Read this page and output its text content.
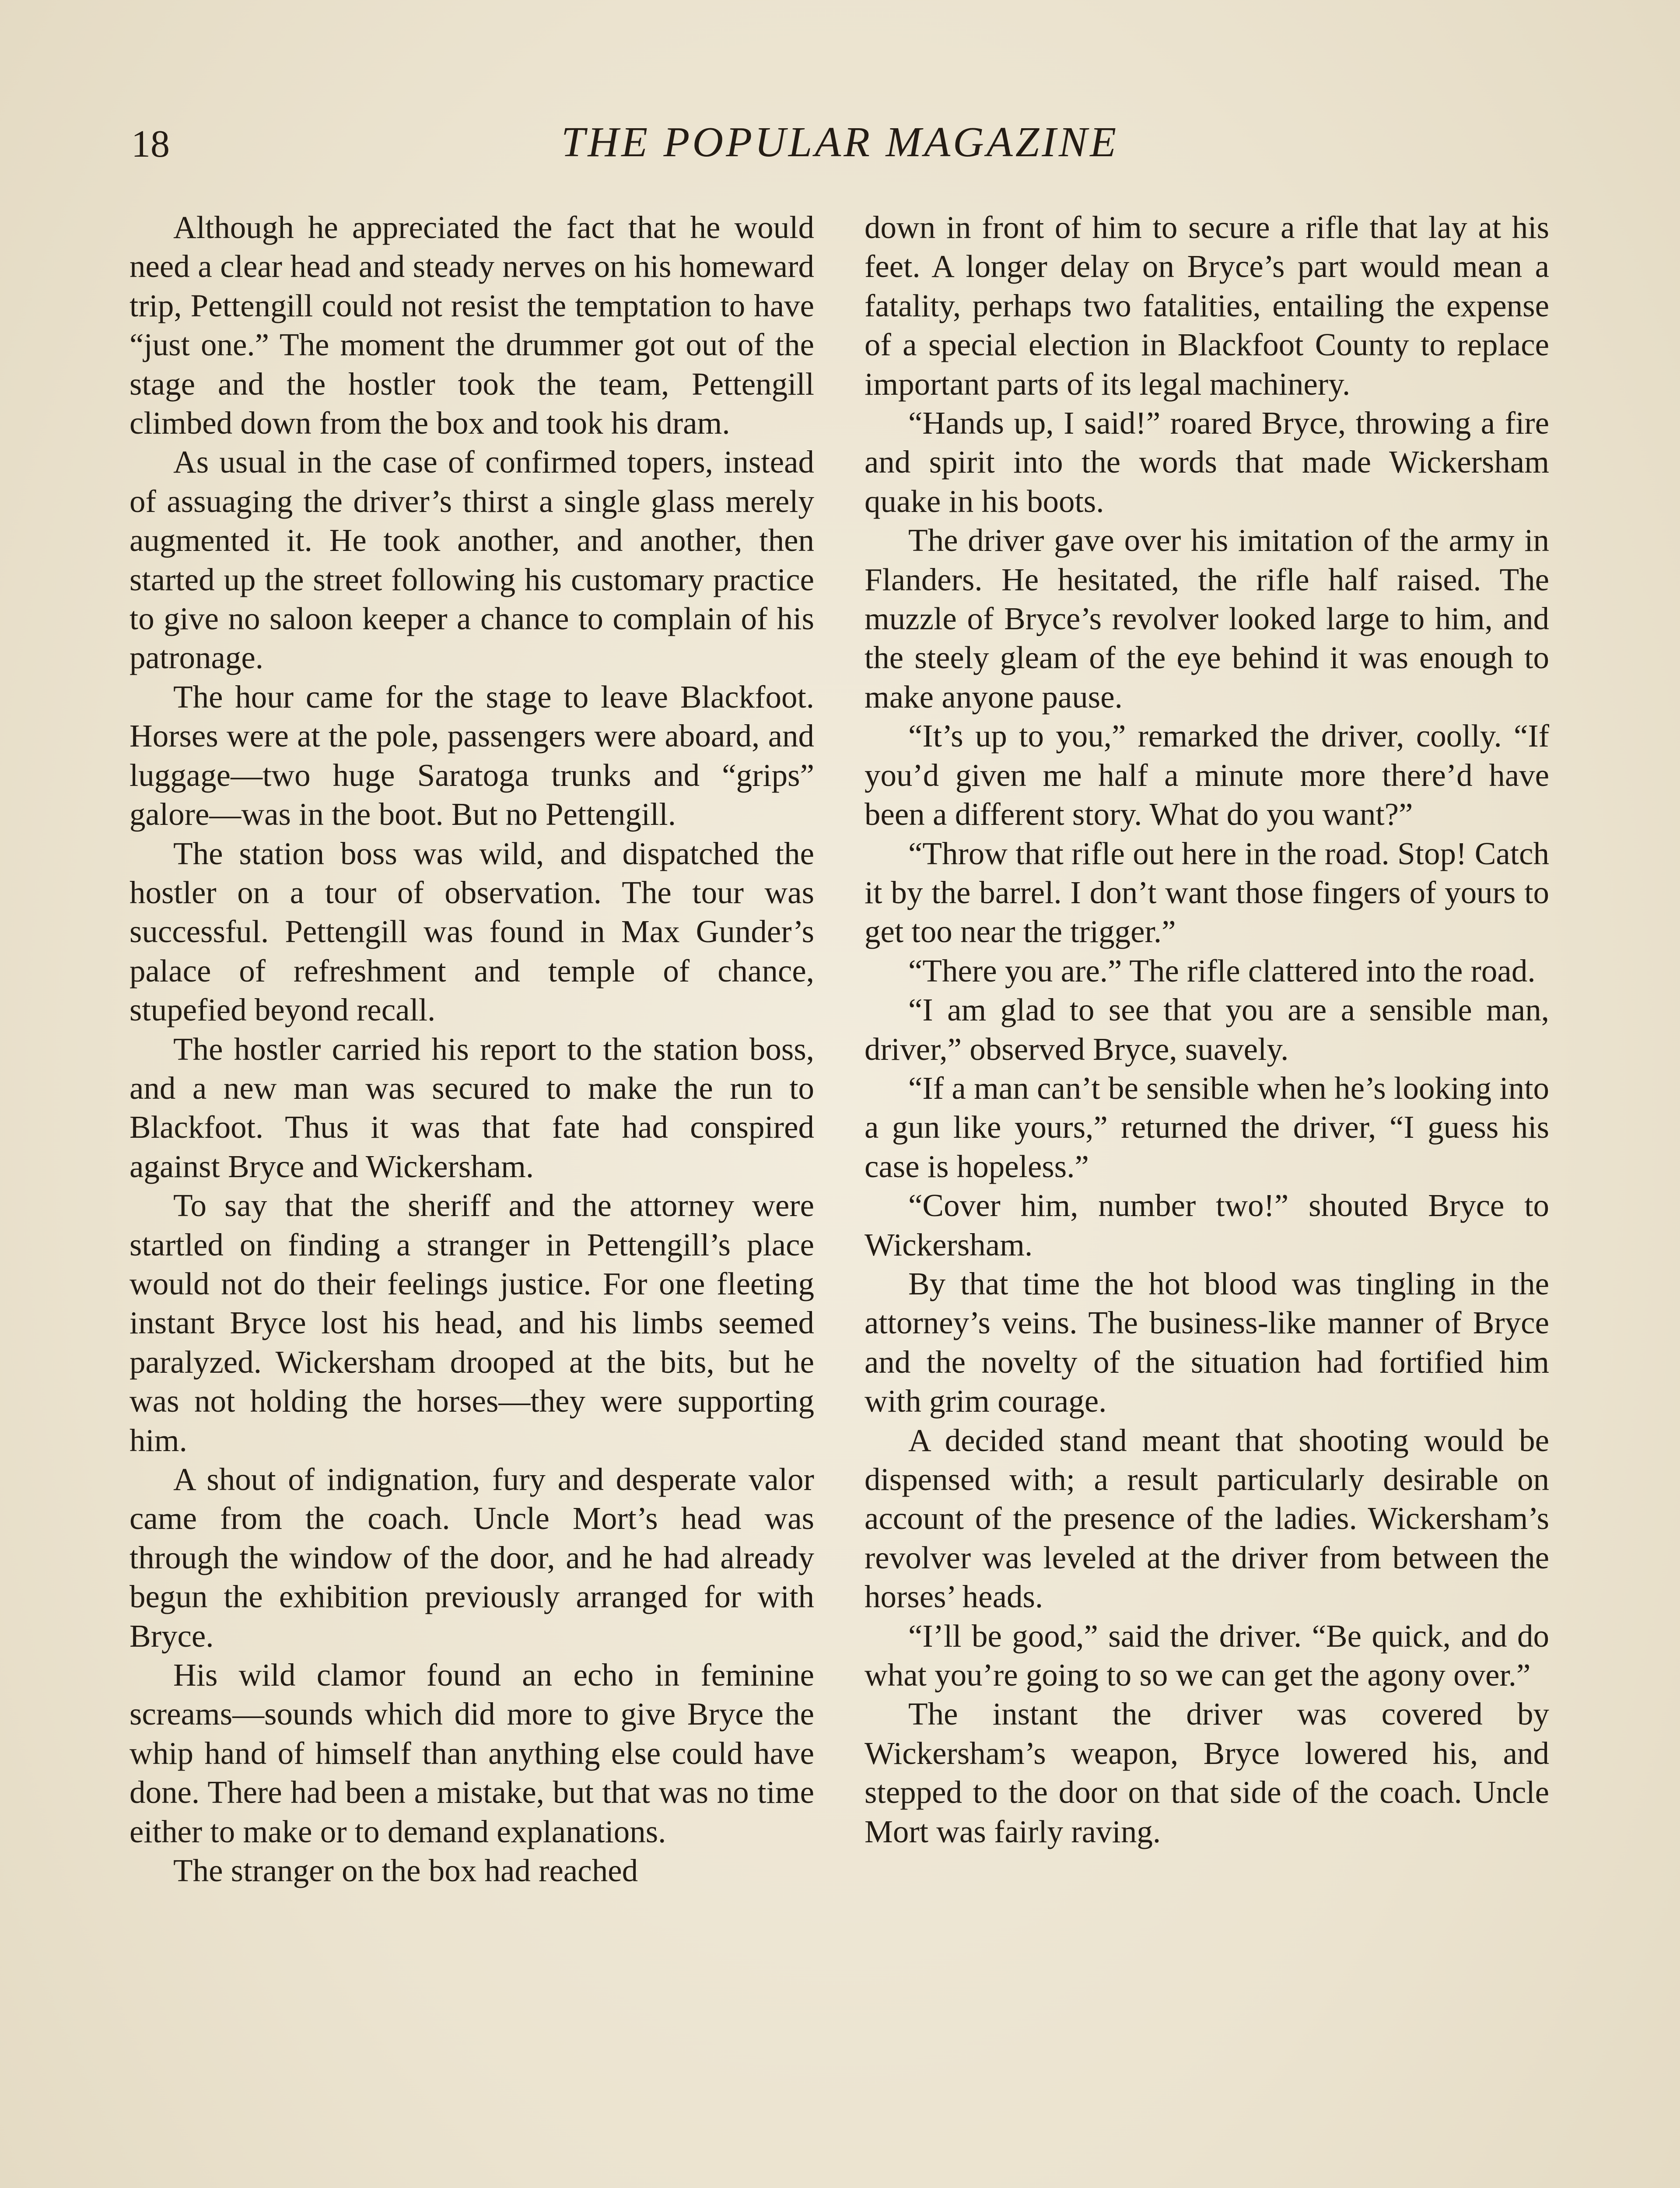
18	THE POPULAR MAGAZINE

Although he appreciated the fact that he would need a clear head and steady nerves on his homeward trip, Pettengill could not resist the temptation to have “just one.” The moment the drummer got out of the stage and the hostler took the team, Pettengill climbed down from the box and took his dram.

As usual in the case of confirmed topers, instead of assuaging the driver’s thirst a single glass merely augmented it. He took another, and another, then started up the street following his customary practice to give no saloon keeper a chance to complain of his patronage.

The hour came for the stage to leave Blackfoot. Horses were at the pole, passengers were aboard, and luggage—two huge Saratoga trunks and “grips” galore—was in the boot. But no Pettengill.

The station boss was wild, and dispatched the hostler on a tour of observation. The tour was successful. Pettengill was found in Max Gunder’s palace of refreshment and temple of chance, stupefied beyond recall.

The hostler carried his report to the station boss, and a new man was secured to make the run to Blackfoot. Thus it was that fate had conspired against Bryce and Wickersham.

To say that the sheriff and the attorney were startled on finding a stranger in Pettengill’s place would not do their feelings justice. For one fleeting instant Bryce lost his head, and his limbs seemed paralyzed. Wickersham drooped at the bits, but he was not holding the horses—they were supporting him.

A shout of indignation, fury and desperate valor came from the coach. Uncle Mort’s head was through the window of the door, and he had already begun the exhibition previously arranged for with Bryce.

His wild clamor found an echo in feminine screams—sounds which did more to give Bryce the whip hand of himself than anything else could have done. There had been a mistake, but that was no time either to make or to demand explanations.

The stranger on the box had reached

down in front of him to secure a rifle that lay at his feet. A longer delay on Bryce’s part would mean a fatality, perhaps two fatalities, entailing the expense of a special election in Blackfoot County to replace important parts of its legal machinery.

“Hands up, I said!” roared Bryce, throwing a fire and spirit into the words that made Wickersham quake in his boots.

The driver gave over his imitation of the army in Flanders. He hesitated, the rifle half raised. The muzzle of Bryce’s revolver looked large to him, and the steely gleam of the eye behind it was enough to make anyone pause.

“It’s up to you,” remarked the driver, coolly. “If you’d given me half a minute more there’d have been a different story. What do you want?”

“Throw that rifle out here in the road. Stop! Catch it by the barrel. I don’t want those fingers of yours to get too near the trigger.”

“There you are.” The rifle clattered into the road.

“I am glad to see that you are a sensible man, driver,” observed Bryce, suavely.

“If a man can’t be sensible when he’s looking into a gun like yours,” returned the driver, “I guess his case is hopeless.”

“Cover him, number two!” shouted Bryce to Wickersham.

By that time the hot blood was tingling in the attorney’s veins. The business-like manner of Bryce and the novelty of the situation had fortified him with grim courage.

A decided stand meant that shooting would be dispensed with; a result particularly desirable on account of the presence of the ladies. Wickersham’s revolver was leveled at the driver from between the horses’ heads.

“I’ll be good,” said the driver. “Be quick, and do what you’re going to so we can get the agony over.”

The instant the driver was covered by Wickersham’s weapon, Bryce lowered his, and stepped to the door on that side of the coach. Uncle Mort was fairly raving.
